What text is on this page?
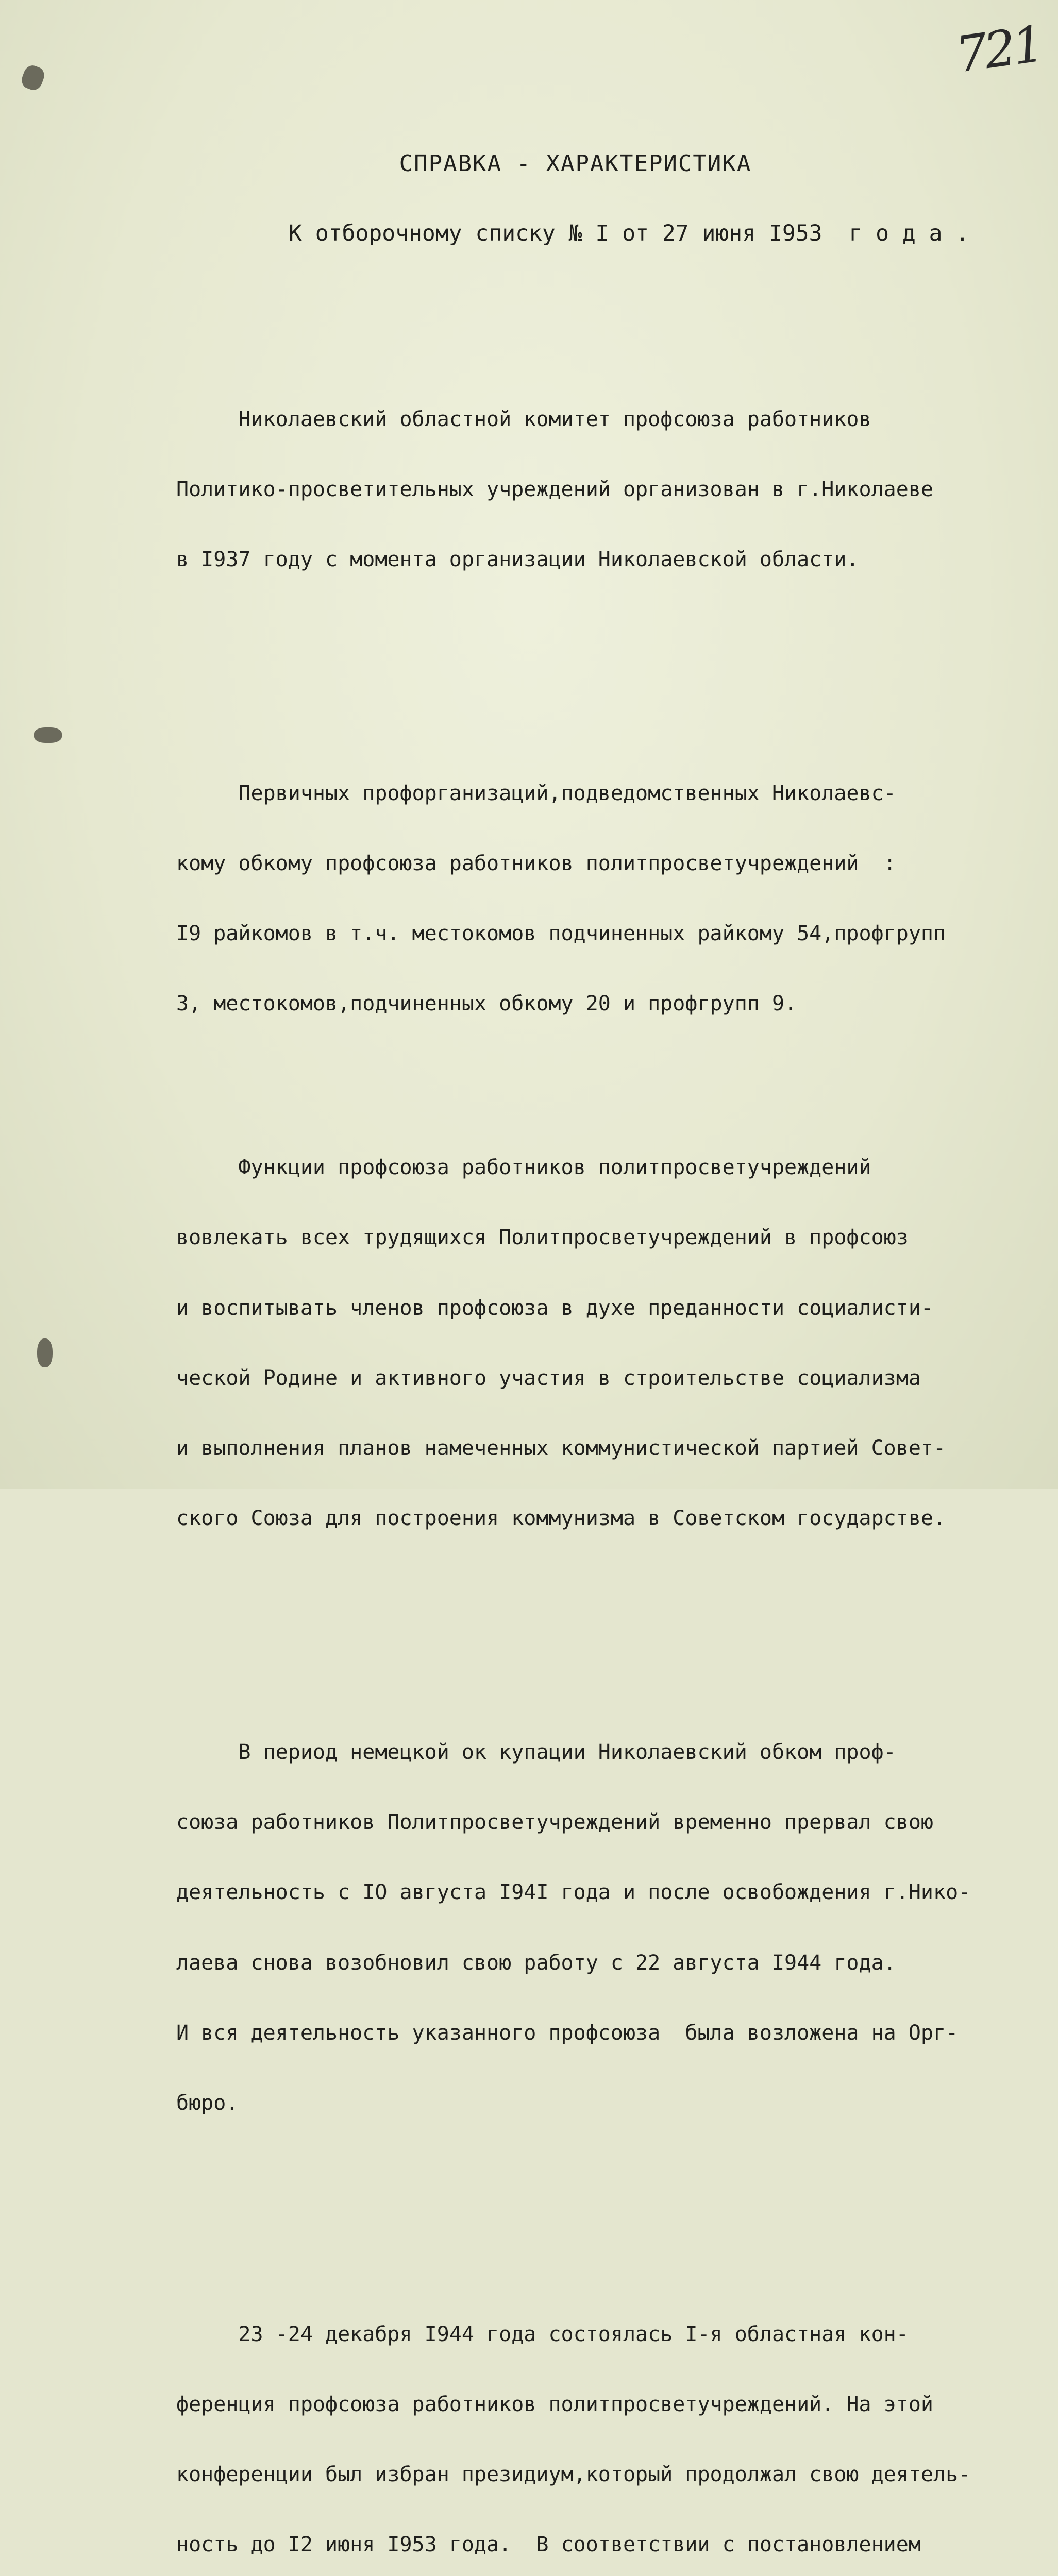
721
СПРАВКА - ХАРАКТЕРИСТИКА
К отборочному списку № I от 27 июня I953  г о д а .

Николаевский областной комитет профсоюза работников

Политико-просветительных учреждений организован в г.Николаеве

в I937 году с момента организации Николаевской области.

Первичных профорганизаций,подведомственных Николаевс-

кому обкому профсоюза работников политпросветучреждений  :

I9 райкомов в т.ч. местокомов подчиненных райкому 54,профгрупп

3, местокомов,подчиненных обкому 20 и профгрупп 9.

Функции профсоюза работников политпросветучреждений

вовлекать всех трудящихся Политпросветучреждений в профсоюз

и воспитывать членов профсоюза в духе преданности социалисти-

ческой Родине и активного участия в строительстве социализма

и выполнения планов намеченных коммунистической партией Совет-

ского Союза для построения коммунизма в Советском государстве.

В период немецкой ок купации Николаевский обком проф-

союза работников Политпросветучреждений временно прервал свою

деятельность с IO августа I94I года и после освобождения г.Нико-

лаева снова возобновил свою работу с 22 августа I944 года.

И вся деятельность указанного профсоюза  была возложена на Орг-

бюро.

23 -24 декабря I944 года состоялась I-я областная кон-

ференция профсоюза работников политпросветучреждений. На этой

конференции был избран президиум,который продолжал свою деятель-

ность до I2 июня I953 года.  В соответствии с постановлением
